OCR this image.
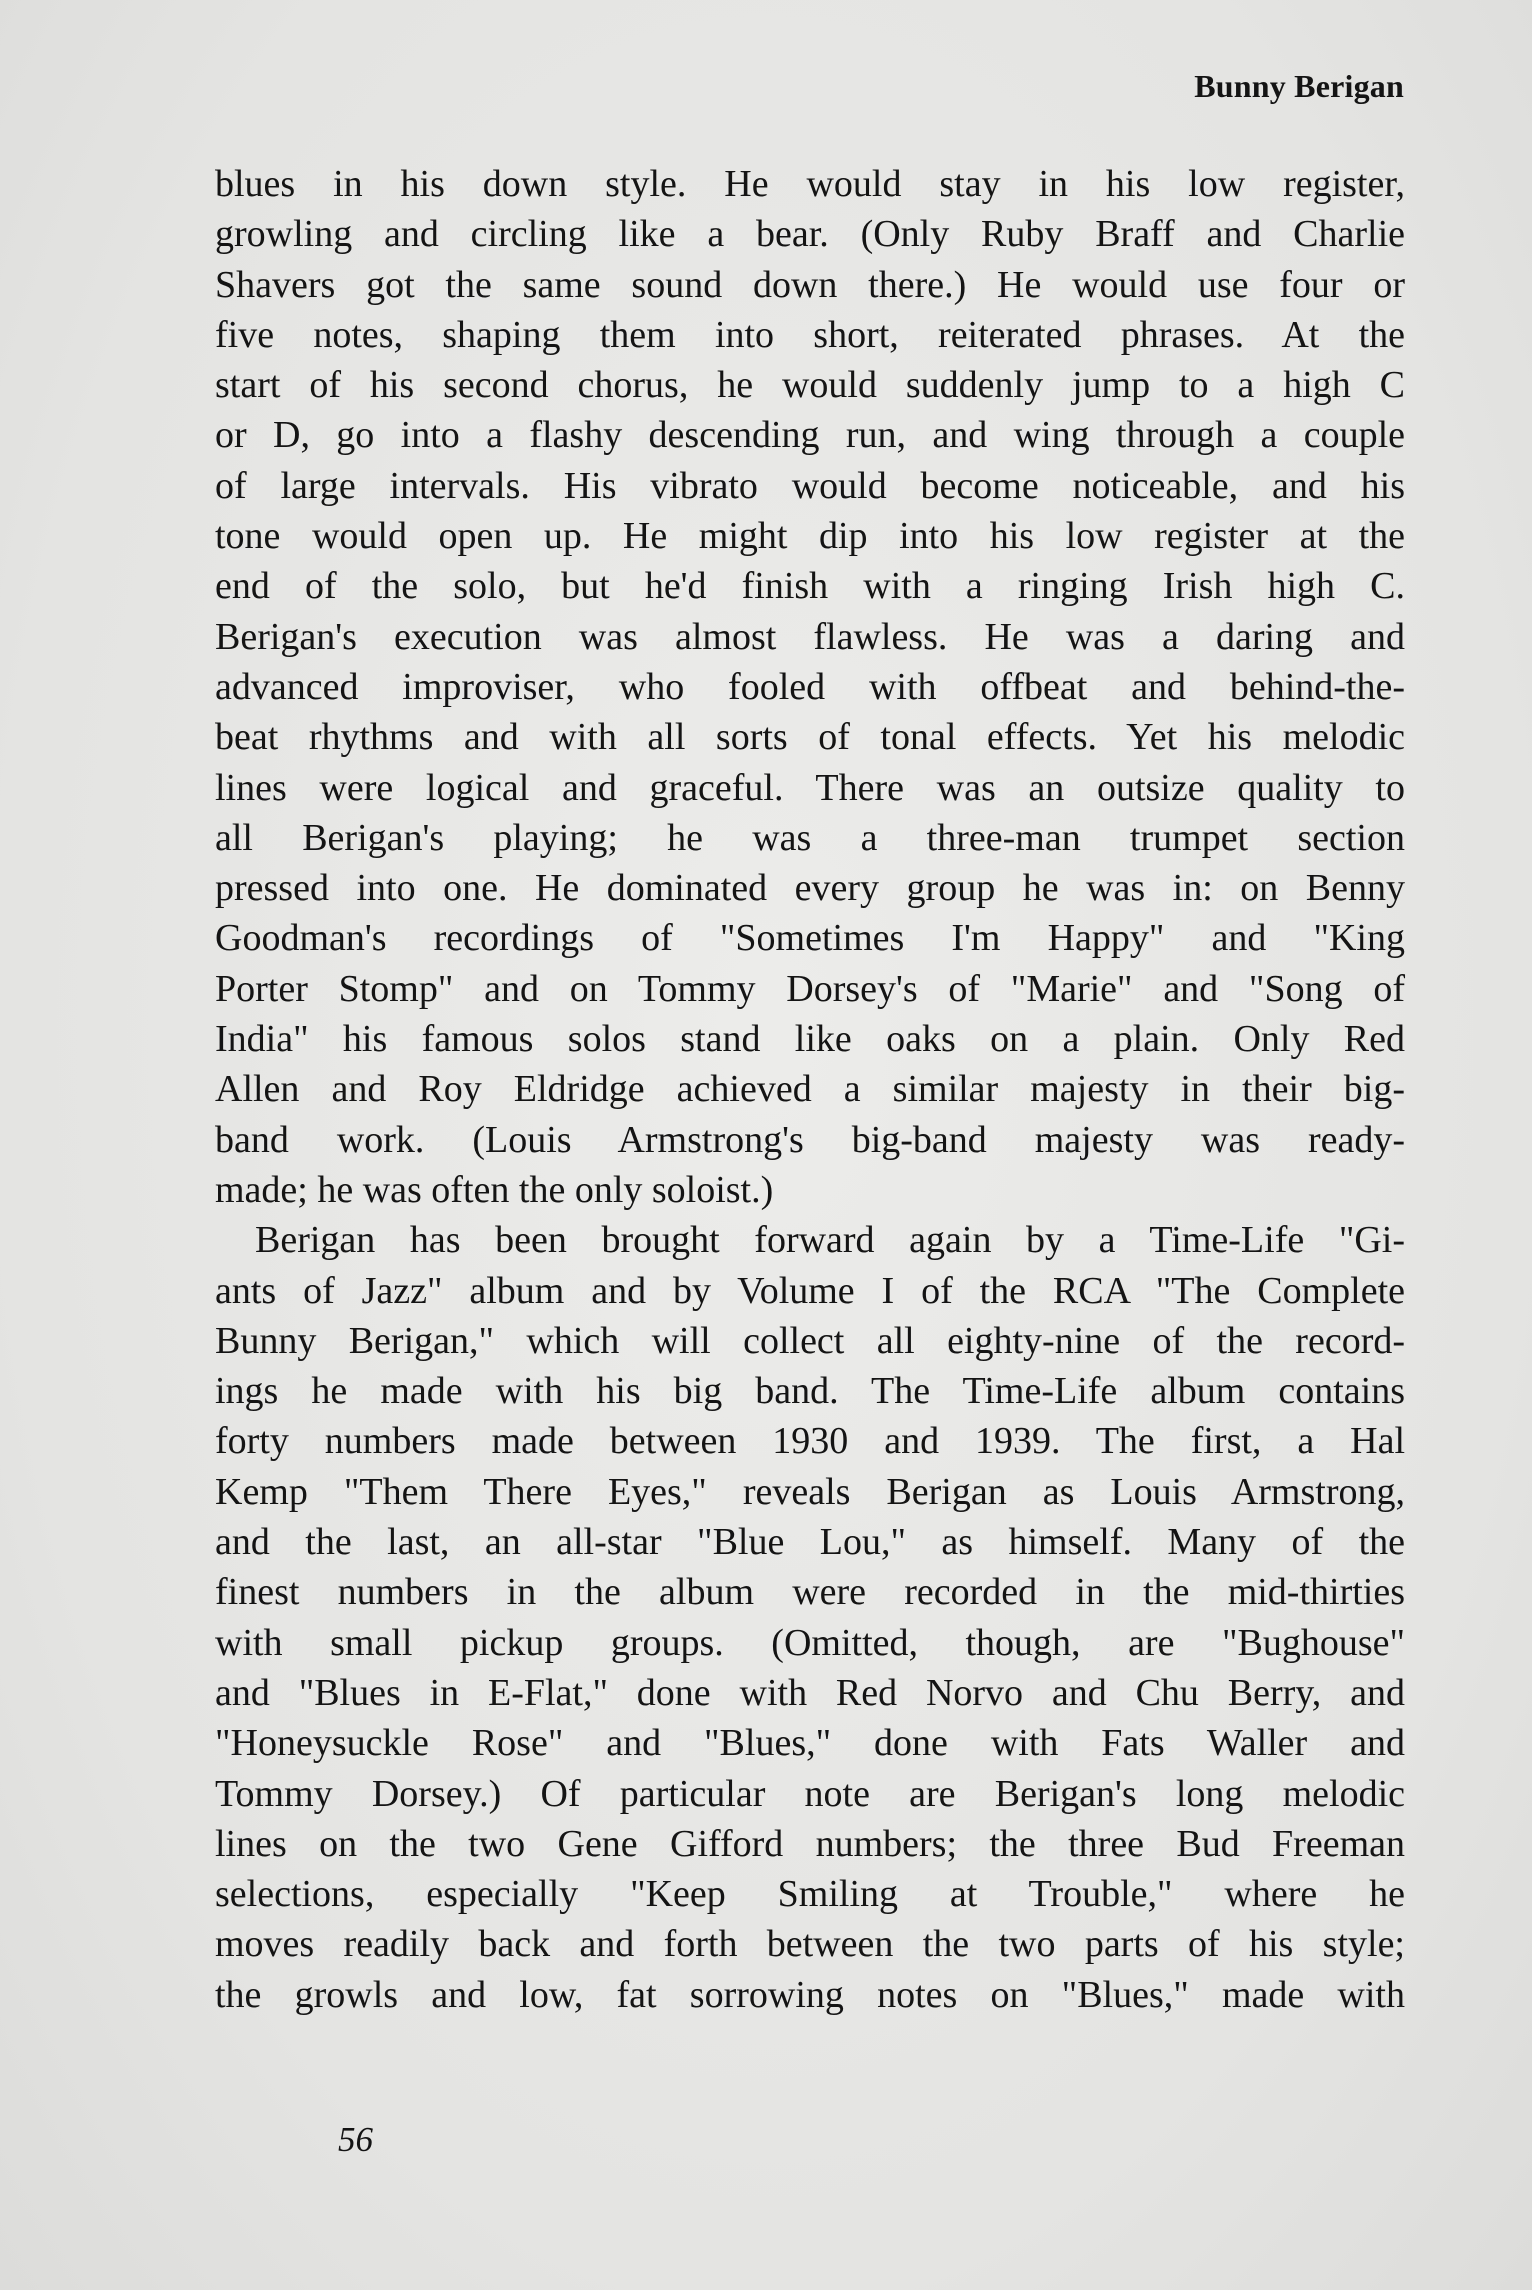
Bunny Berigan
blues in his down style. He would stay in his low register,
growling and circling like a bear. (Only Ruby Braff and Charlie
Shavers got the same sound down there.) He would use four or
five notes, shaping them into short, reiterated phrases. At the
start of his second chorus, he would suddenly jump to a high C
or D, go into a flashy descending run, and wing through a couple
of large intervals. His vibrato would become noticeable, and his
tone would open up. He might dip into his low register at the
end of the solo, but he'd finish with a ringing Irish high C.
Berigan's execution was almost flawless. He was a daring and
advanced improviser, who fooled with offbeat and behind-the-
beat rhythms and with all sorts of tonal effects. Yet his melodic
lines were logical and graceful. There was an outsize quality to
all Berigan's playing; he was a three-man trumpet section
pressed into one. He dominated every group he was in: on Benny
Goodman's recordings of "Sometimes I'm Happy" and "King
Porter Stomp" and on Tommy Dorsey's of "Marie" and "Song of
India" his famous solos stand like oaks on a plain. Only Red
Allen and Roy Eldridge achieved a similar majesty in their big-
band work. (Louis Armstrong's big-band majesty was ready-
made; he was often the only soloist.)
Berigan has been brought forward again by a Time-Life "Gi-
ants of Jazz" album and by Volume I of the RCA "The Complete
Bunny Berigan," which will collect all eighty-nine of the record-
ings he made with his big band. The Time-Life album contains
forty numbers made between 1930 and 1939. The first, a Hal
Kemp "Them There Eyes," reveals Berigan as Louis Armstrong,
and the last, an all-star "Blue Lou," as himself. Many of the
finest numbers in the album were recorded in the mid-thirties
with small pickup groups. (Omitted, though, are "Bughouse"
and "Blues in E-Flat," done with Red Norvo and Chu Berry, and
"Honeysuckle Rose" and "Blues," done with Fats Waller and
Tommy Dorsey.) Of particular note are Berigan's long melodic
lines on the two Gene Gifford numbers; the three Bud Freeman
selections, especially "Keep Smiling at Trouble," where he
moves readily back and forth between the two parts of his style;
the growls and low, fat sorrowing notes on "Blues," made with
56
